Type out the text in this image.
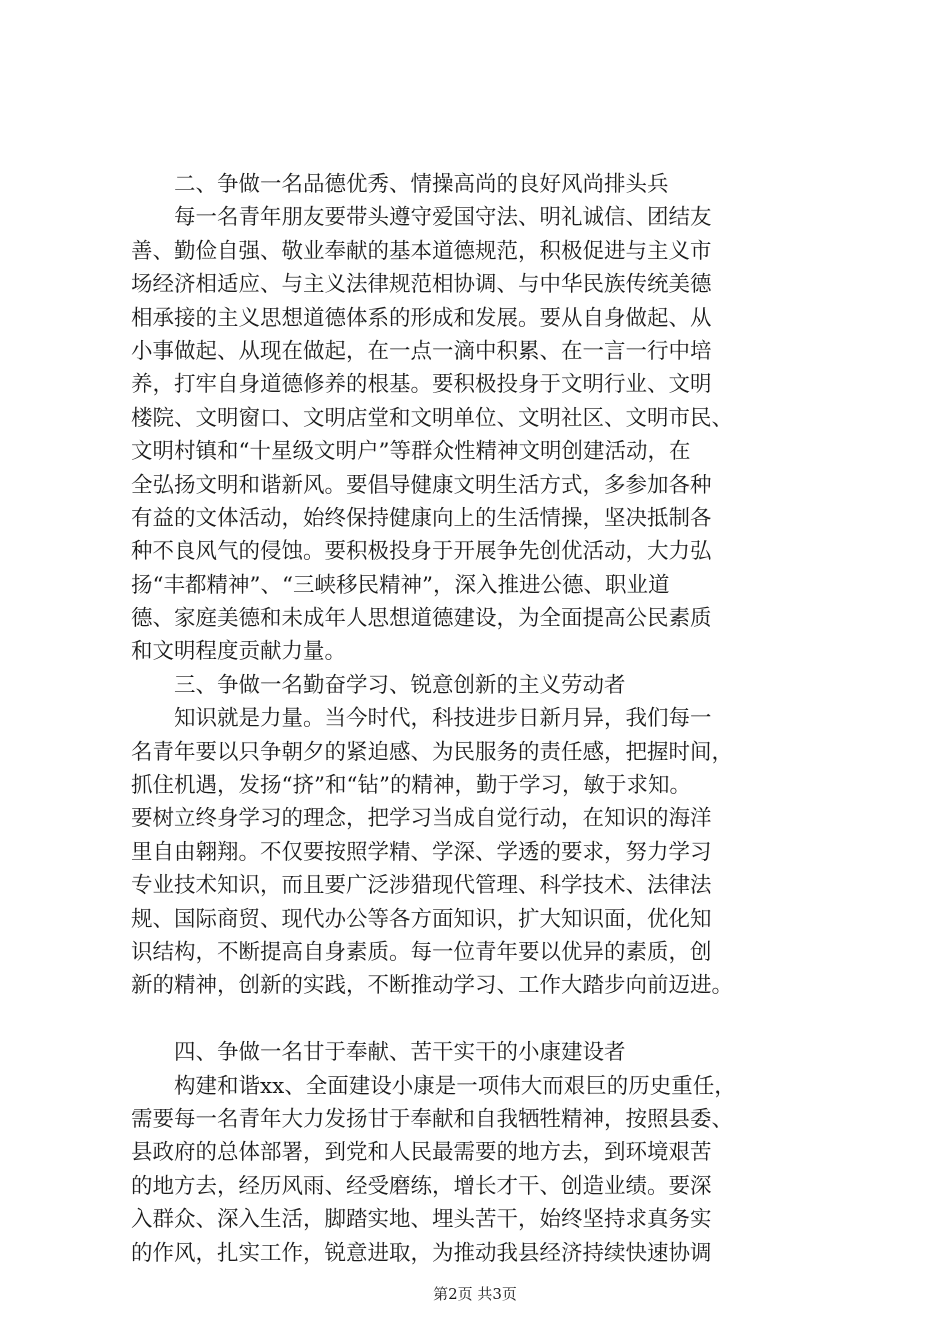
二、争做一名品德优秀、情操高尚的良好风尚排头兵
每一名青年朋友要带头遵守爱国守法、明礼诚信、团结友
善、勤俭自强、敬业奉献的基本道德规范，积极促进与主义市
场经济相适应、与主义法律规范相协调、与中华民族传统美德
相承接的主义思想道德体系的形成和发展。要从自身做起、从
小事做起、从现在做起，在一点一滴中积累、在一言一行中培
养，打牢自身道德修养的根基。要积极投身于文明行业、文明
楼院、文明窗口、文明店堂和文明单位、文明社区、文明市民、
文明村镇和“十星级文明户”等群众性精神文明创建活动，在
全弘扬文明和谐新风。要倡导健康文明生活方式，多参加各种
有益的文体活动，始终保持健康向上的生活情操，坚决抵制各
种不良风气的侵蚀。要积极投身于开展争先创优活动，大力弘
扬“丰都精神”、“三峡移民精神”，深入推进公德、职业道
德、家庭美德和未成年人思想道德建设，为全面提高公民素质
和文明程度贡献力量。
三、争做一名勤奋学习、锐意创新的主义劳动者
知识就是力量。当今时代，科技进步日新月异，我们每一
名青年要以只争朝夕的紧迫感、为民服务的责任感，把握时间，
抓住机遇，发扬“挤”和“钻”的精神，勤于学习，敏于求知。
要树立终身学习的理念，把学习当成自觉行动，在知识的海洋
里自由翱翔。不仅要按照学精、学深、学透的要求，努力学习
专业技术知识，而且要广泛涉猎现代管理、科学技术、法律法
规、国际商贸、现代办公等各方面知识，扩大知识面，优化知
识结构，不断提高自身素质。每一位青年要以优异的素质，创
新的精神，创新的实践，不断推动学习、工作大踏步向前迈进。
四、争做一名甘于奉献、苦干实干的小康建设者
构建和谐xx、全面建设小康是一项伟大而艰巨的历史重任，
需要每一名青年大力发扬甘于奉献和自我牺牲精神，按照县委、
县政府的总体部署，到党和人民最需要的地方去，到环境艰苦
的地方去，经历风雨、经受磨练，增长才干、创造业绩。要深
入群众、深入生活，脚踏实地、埋头苦干，始终坚持求真务实
的作风，扎实工作，锐意进取，为推动我县经济持续快速协调
第2页 共3页
